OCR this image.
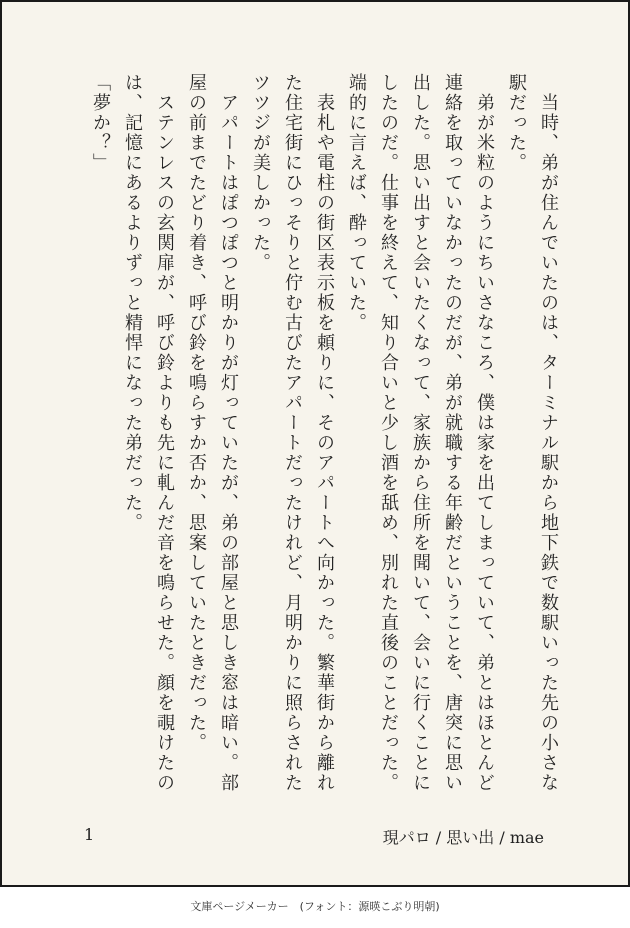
　当時、弟が住んでいたのは、ターミナル駅から地下鉄で数駅いった先の小さな駅だった。

　弟が米粒のようにちいさなころ、僕は家を出てしまっていて、弟とはほとんど連絡を取っていなかったのだが、弟が就職する年齢だということを、唐突に思い出した。思い出すと会いたくなって、家族から住所を聞いて、会いに行くことにしたのだ。仕事を終えて、知り合いと少し酒を舐め、別れた直後のことだった。端的に言えば、酔っていた。

　表札や電柱の街区表示板を頼りに、そのアパートへ向かった。繁華街から離れた住宅街にひっそりと佇む古びたアパートだったけれど、月明かりに照らされたツツジが美しかった。

　アパートはぽつぽつと明かりが灯っていたが、弟の部屋と思しき窓は暗い。部屋の前までたどり着き、呼び鈴を鳴らすか否か、思案していたときだった。

　ステンレスの玄関扉が、呼び鈴よりも先に軋んだ音を鳴らせた。顔を覗けたのは、記憶にあるよりずっと精悍になった弟だった。

「夢か？」

1	現パロ / 思い出 / mae
文庫ページメーカー　(フォント：源暎こぶり明朝)
